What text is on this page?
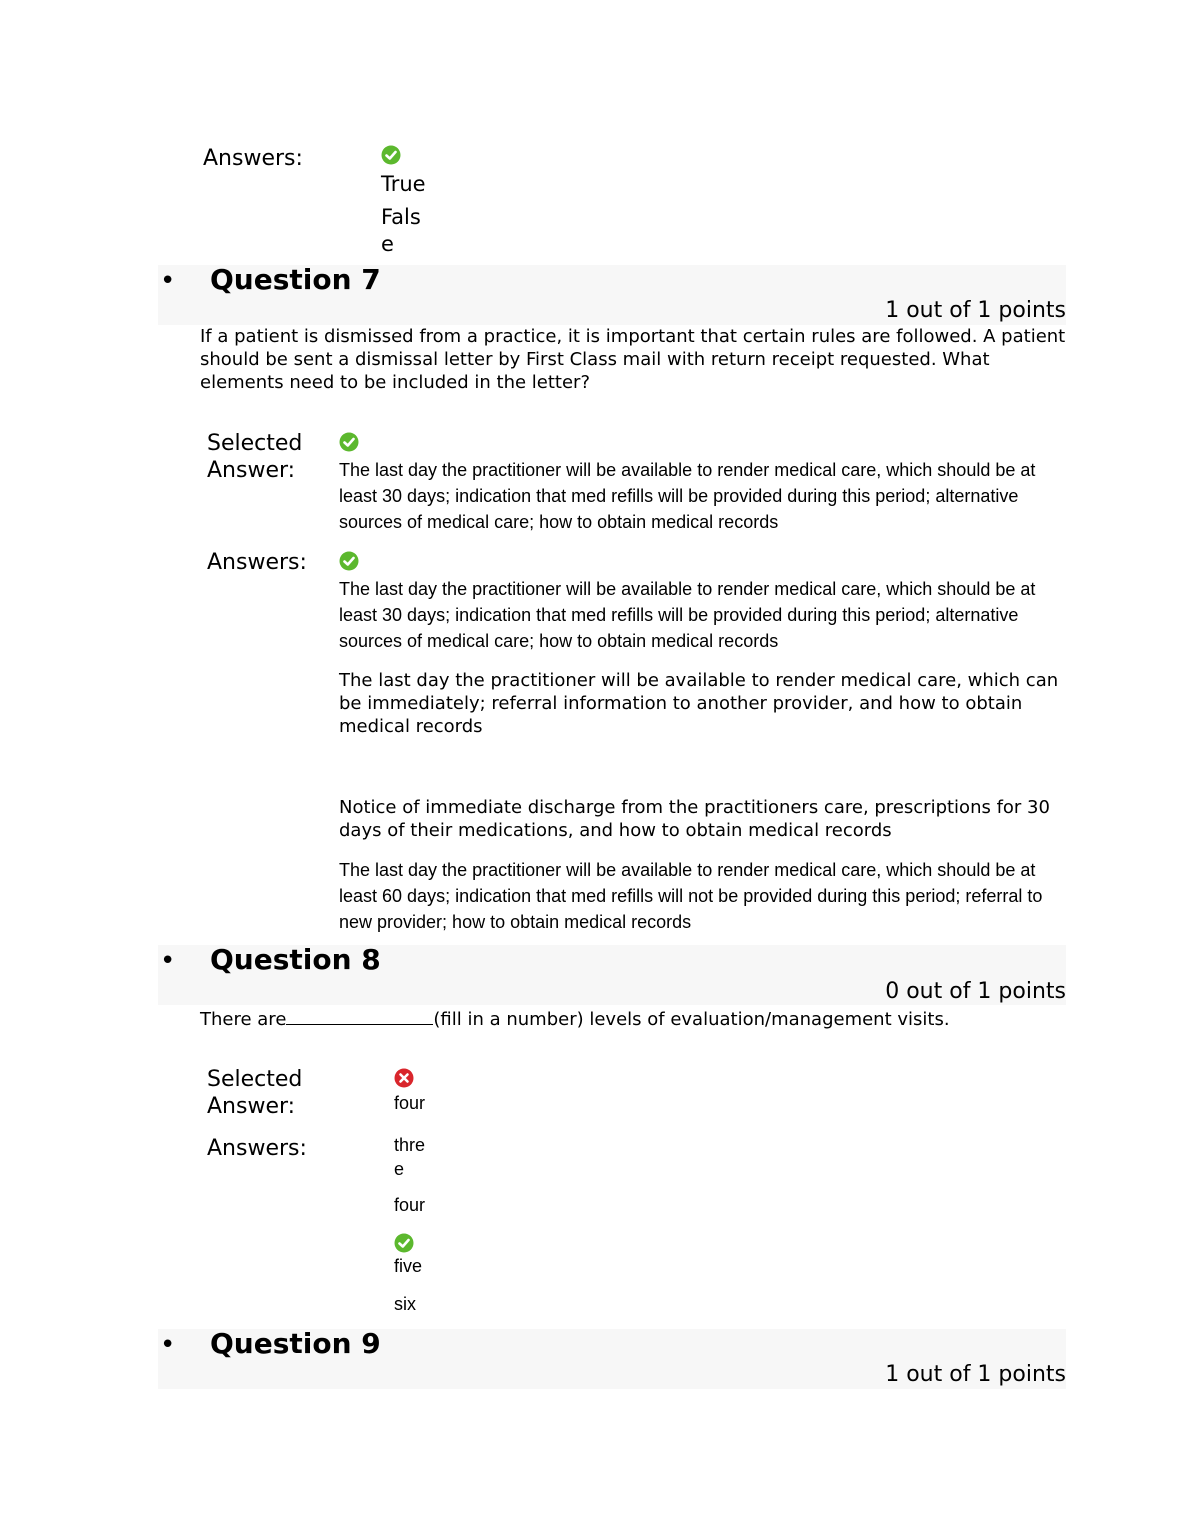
Answers:
True
Fals
e
• Question 7
1 out of 1 points
If a patient is dismissed from a practice, it is important that certain rules are followed. A patient should be sent a dismissal letter by First Class mail with return receipt requested. What elements need to be included in the letter?
Selected
Answer: The last day the practitioner will be available to render medical care, which should be at least 30 days; indication that med refills will be provided during this period; alternative sources of medical care; how to obtain medical records
Answers:
The last day the practitioner will be available to render medical care, which should be at least 30 days; indication that med refills will be provided during this period; alternative sources of medical care; how to obtain medical records
The last day the practitioner will be available to render medical care, which can be immediately; referral information to another provider, and how to obtain medical records
Notice of immediate discharge from the practitioners care, prescriptions for 30 days of their medications, and how to obtain medical records
The last day the practitioner will be available to render medical care, which should be at least 60 days; indication that med refills will not be provided during this period; referral to new provider; how to obtain medical records
• Question 8
0 out of 1 points
There are	(fill in a number) levels of evaluation/management visits.
Selected
Answer:	four
Answers:	thre
e
four
five
six
• Question 9
1 out of 1 points
